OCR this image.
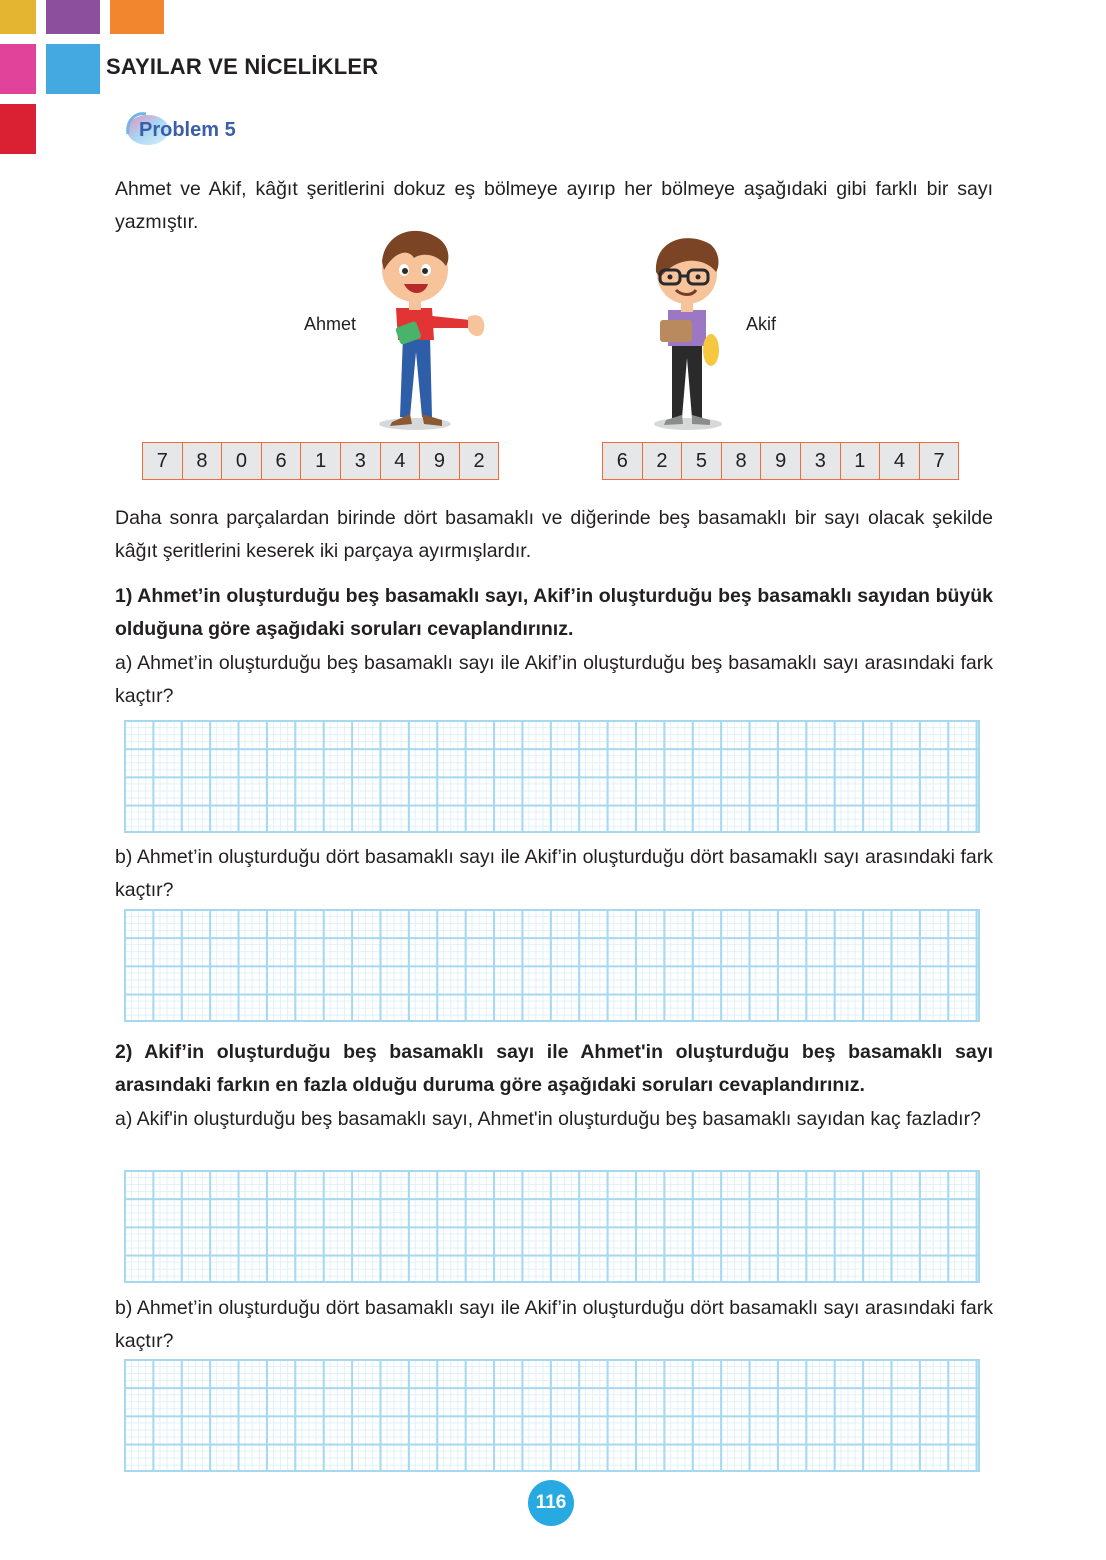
SAYILAR VE NİCELİKLER
Problem 5
Ahmet ve Akif, kâğıt şeritlerini dokuz eş bölmeye ayırıp her bölmeye aşağıdaki gibi farklı bir sayı yazmıştır.
Ahmet	Akif
7	8	0	6	1	3	4	9	2	6	2	5	8	9	3	1	4	7
Daha sonra parçalardan birinde dört basamaklı ve diğerinde beş basamaklı bir sayı olacak şekilde kâğıt şeritlerini keserek iki parçaya ayırmışlardır.
1) Ahmet’in oluşturduğu beş basamaklı sayı, Akif’in oluşturduğu beş basamaklı sayıdan büyük olduğuna göre aşağıdaki soruları cevaplandırınız.
a) Ahmet’in oluşturduğu beş basamaklı sayı ile Akif’in oluşturduğu beş basamaklı sayı arasındaki fark kaçtır?
b) Ahmet’in oluşturduğu dört basamaklı sayı ile Akif’in oluşturduğu dört basamaklı sayı arasındaki fark kaçtır?
2) Akif’in oluşturduğu beş basamaklı sayı ile Ahmet'in oluşturduğu beş basamaklı sayı arasındaki farkın en fazla olduğu duruma göre aşağıdaki soruları cevaplandırınız.
a) Akif'in oluşturduğu beş basamaklı sayı, Ahmet'in oluşturduğu beş basamaklı sayıdan kaç fazladır?
b) Ahmet’in oluşturduğu dört basamaklı sayı ile Akif’in oluşturduğu dört basamaklı sayı arasındaki fark kaçtır?
116
